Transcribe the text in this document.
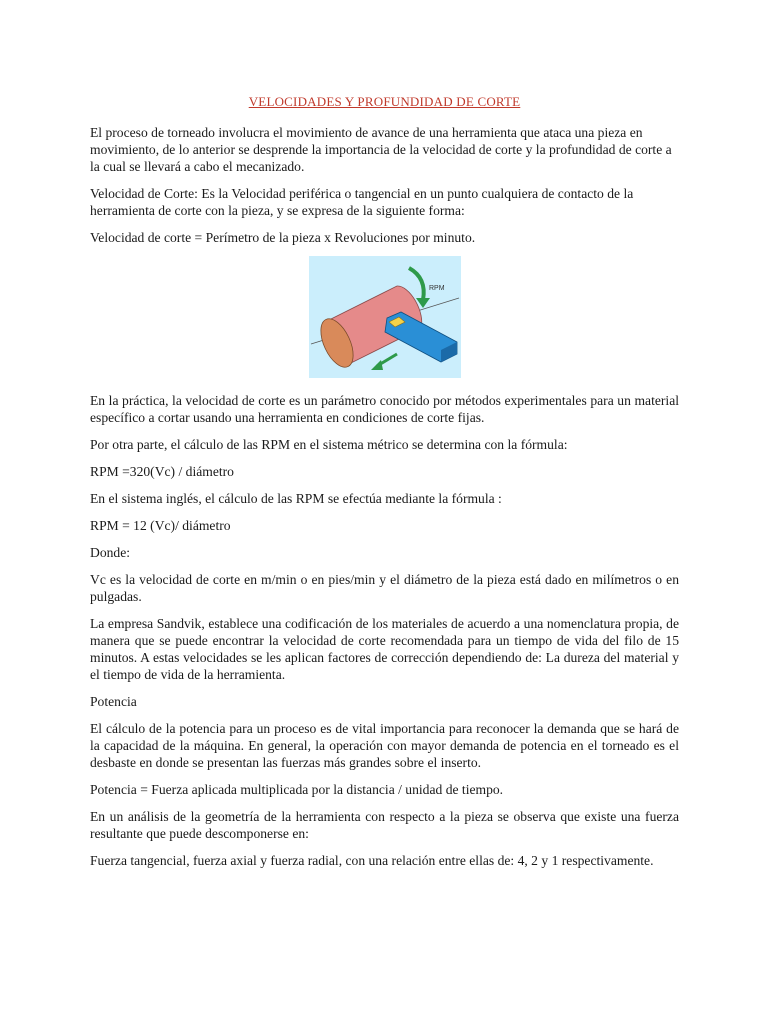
VELOCIDADES Y PROFUNDIDAD DE CORTE

El proceso de torneado involucra el movimiento de avance de una herramienta que ataca una pieza en movimiento, de lo anterior se desprende la importancia de la velocidad de corte y la profundidad de corte a la cual se llevará a cabo el mecanizado.

Velocidad de Corte: Es la Velocidad periférica o tangencial en un punto cualquiera de contacto de la herramienta de corte con la pieza, y se expresa de la siguiente forma:

Velocidad de corte = Perímetro de la pieza x Revoluciones por minuto.

RPM

En la práctica, la velocidad de corte es un parámetro conocido por métodos experimentales para un material específico a cortar usando una herramienta en condiciones de corte fijas.

Por otra parte, el cálculo de las RPM en el sistema métrico se determina con la fórmula:

RPM =320(Vc) / diámetro

En el sistema inglés, el cálculo de las RPM se efectúa mediante la fórmula :

RPM = 12 (Vc)/ diámetro

Donde:

Vc es la velocidad de corte en m/min o en pies/min y el diámetro de la pieza está dado en milímetros o en pulgadas.

La empresa Sandvik, establece una codificación de los materiales de acuerdo a una nomenclatura propia, de manera que se puede encontrar la velocidad de corte recomendada para un tiempo de vida del filo de 15 minutos. A estas velocidades se les aplican factores de corrección dependiendo de: La dureza del material y el tiempo de vida de la herramienta.

Potencia

El cálculo de la potencia para un proceso es de vital importancia para reconocer la demanda que se hará de la capacidad de la máquina. En general, la operación con mayor demanda de potencia en el torneado es el desbaste en donde se presentan las fuerzas más grandes sobre el inserto.

Potencia = Fuerza aplicada multiplicada por la distancia / unidad de tiempo.

En un análisis de la geometría de la herramienta con respecto a la pieza se observa que existe una fuerza resultante que puede descomponerse en:

Fuerza tangencial, fuerza axial y fuerza radial, con una relación entre ellas de: 4, 2 y 1 respectivamente.
